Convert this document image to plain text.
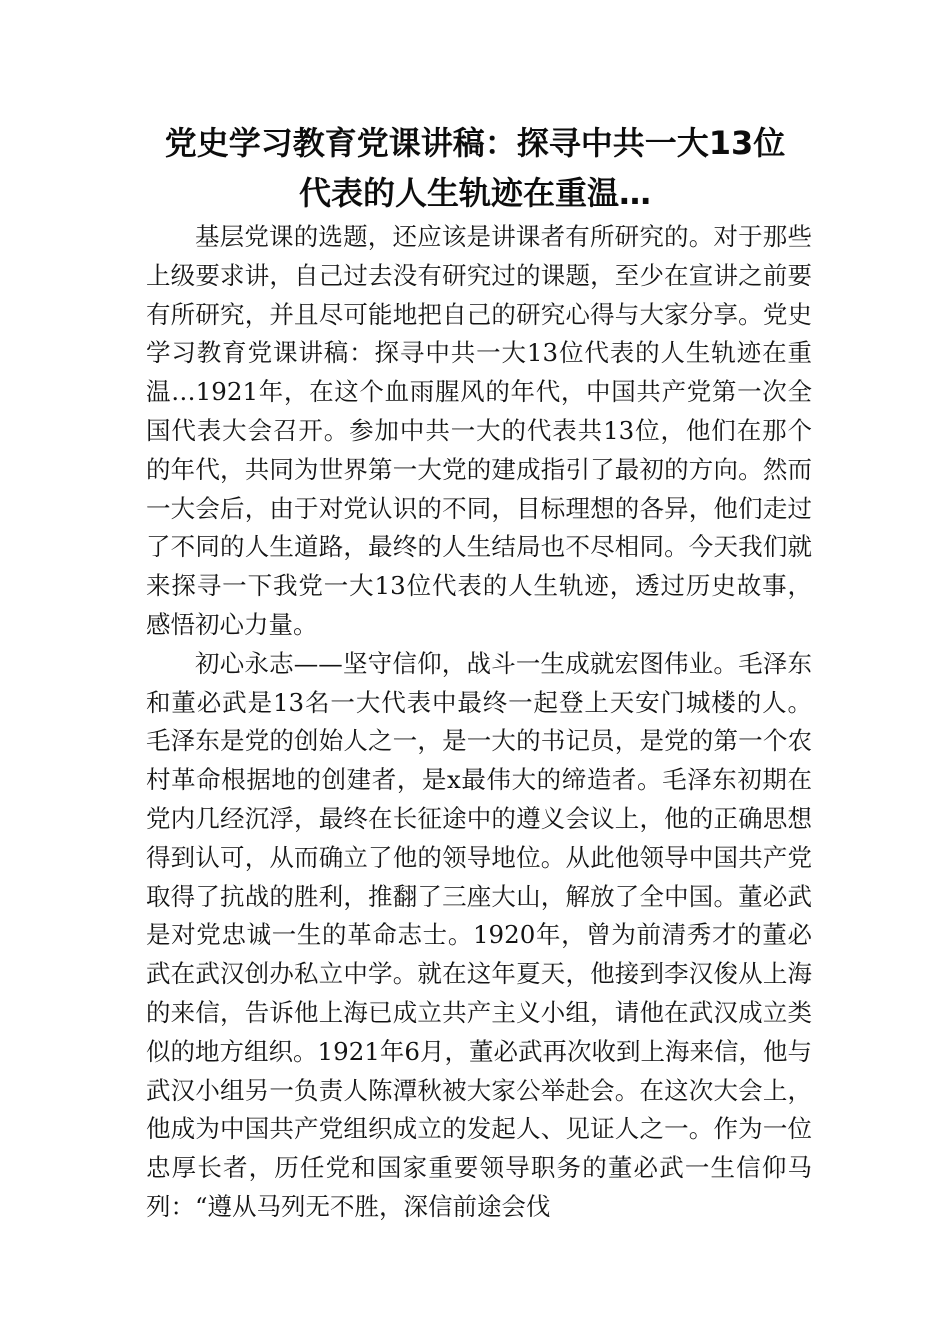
党史学习教育党课讲稿：探寻中共一大13位
代表的人生轨迹在重温…

基层党课的选题，还应该是讲课者有所研究的。对于那些上级要求讲，自己过去没有研究过的课题，至少在宣讲之前要有所研究，并且尽可能地把自己的研究心得与大家分享。党史学习教育党课讲稿：探寻中共一大13位代表的人生轨迹在重温…1921年，在这个血雨腥风的年代，中国共产党第一次全国代表大会召开。参加中共一大的代表共13位，他们在那个的年代，共同为世界第一大党的建成指引了最初的方向。然而一大会后，由于对党认识的不同，目标理想的各异，他们走过了不同的人生道路，最终的人生结局也不尽相同。今天我们就来探寻一下我党一大13位代表的人生轨迹，透过历史故事，感悟初心力量。

初心永志——坚守信仰，战斗一生成就宏图伟业。毛泽东和董必武是13名一大代表中最终一起登上天安门城楼的人。毛泽东是党的创始人之一，是一大的书记员，是党的第一个农村革命根据地的创建者，是x最伟大的缔造者。毛泽东初期在党内几经沉浮，最终在长征途中的遵义会议上，他的正确思想得到认可，从而确立了他的领导地位。从此他领导中国共产党取得了抗战的胜利，推翻了三座大山，解放了全中国。董必武是对党忠诚一生的革命志士。1920年，曾为前清秀才的董必武在武汉创办私立中学。就在这年夏天，他接到李汉俊从上海的来信，告诉他上海已成立共产主义小组，请他在武汉成立类似的地方组织。1921年6月，董必武再次收到上海来信，他与武汉小组另一负责人陈潭秋被大家公举赴会。在这次大会上，他成为中国共产党组织成立的发起人、见证人之一。作为一位忠厚长者，历任党和国家重要领导职务的董必武一生信仰马列：“遵从马列无不胜，深信前途会伐
